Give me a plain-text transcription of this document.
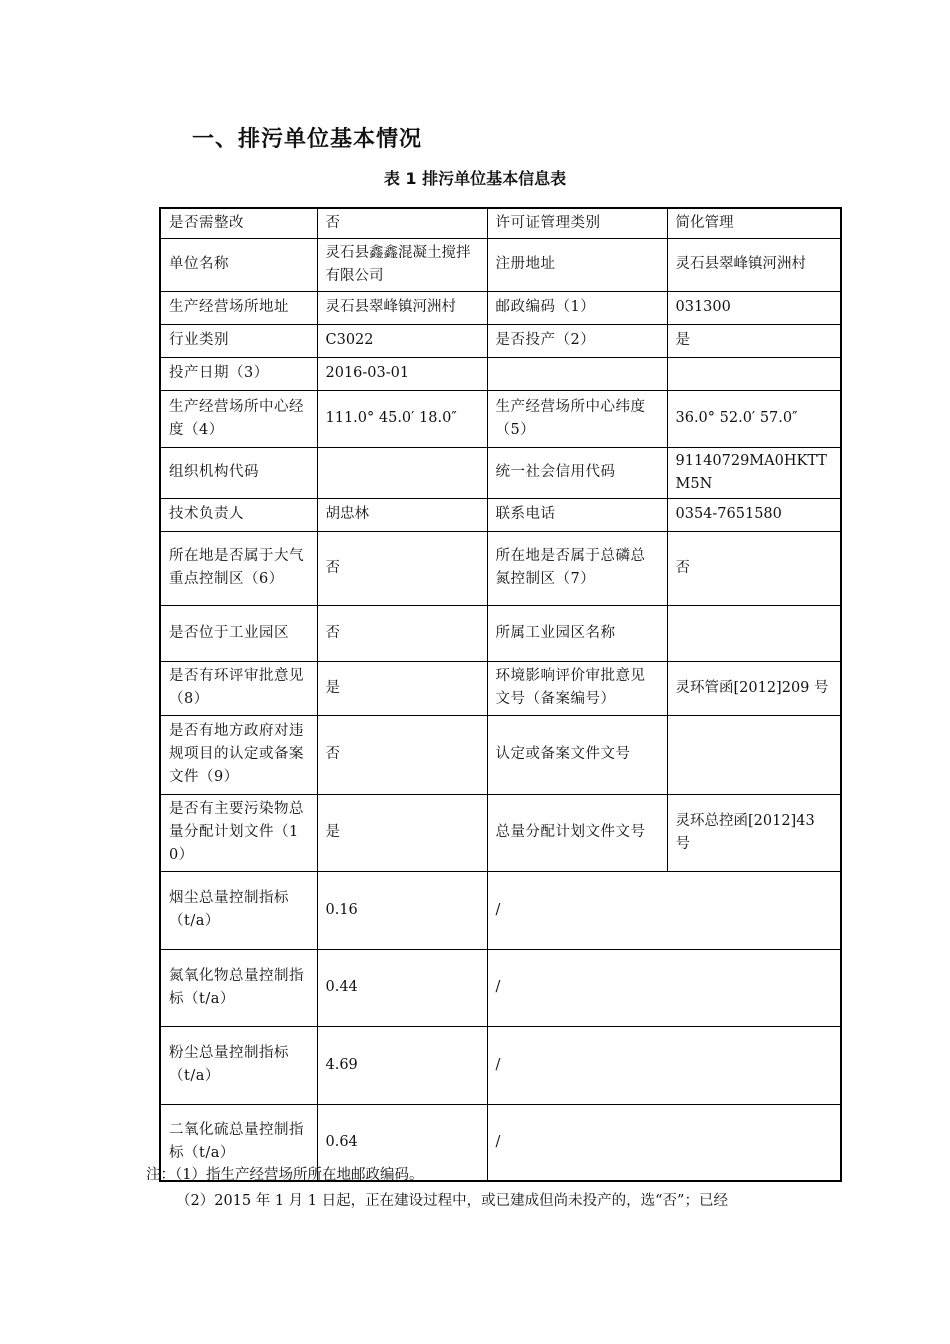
一、排污单位基本情况
表 1 排污单位基本信息表
是否需整改	否	许可证管理类别	简化管理
单位名称	灵石县鑫鑫混凝土搅拌有限公司	注册地址	灵石县翠峰镇河洲村
生产经营场所地址	灵石县翠峰镇河洲村	邮政编码（1）	031300
行业类别	C3022	是否投产（2）	是
投产日期（3）	2016-03-01		
生产经营场所中心经度（4）	111.0° 45.0′ 18.0″	生产经营场所中心纬度（5）	36.0° 52.0′ 57.0″
组织机构代码		统一社会信用代码	91140729MA0HKTTM5N
技术负责人	胡忠林	联系电话	0354-7651580
所在地是否属于大气重点控制区（6）	否	所在地是否属于总磷总氮控制区（7）	否
是否位于工业园区	否	所属工业园区名称	
是否有环评审批意见（8）	是	环境影响评价审批意见文号（备案编号）	灵环管函[2012]209 号
是否有地方政府对违规项目的认定或备案文件（9）	否	认定或备案文件文号	
是否有主要污染物总量分配计划文件（10）	是	总量分配计划文件文号	灵环总控函[2012]43 号
烟尘总量控制指标（t/a）	0.16	/	
氮氧化物总量控制指标（t/a）	0.44	/	
粉尘总量控制指标（t/a）	4.69	/	
二氧化硫总量控制指标（t/a）	0.64	/	
注：（1）指生产经营场所所在地邮政编码。
（2）2015 年 1 月 1 日起，正在建设过程中，或已建成但尚未投产的，选“否”；已经
